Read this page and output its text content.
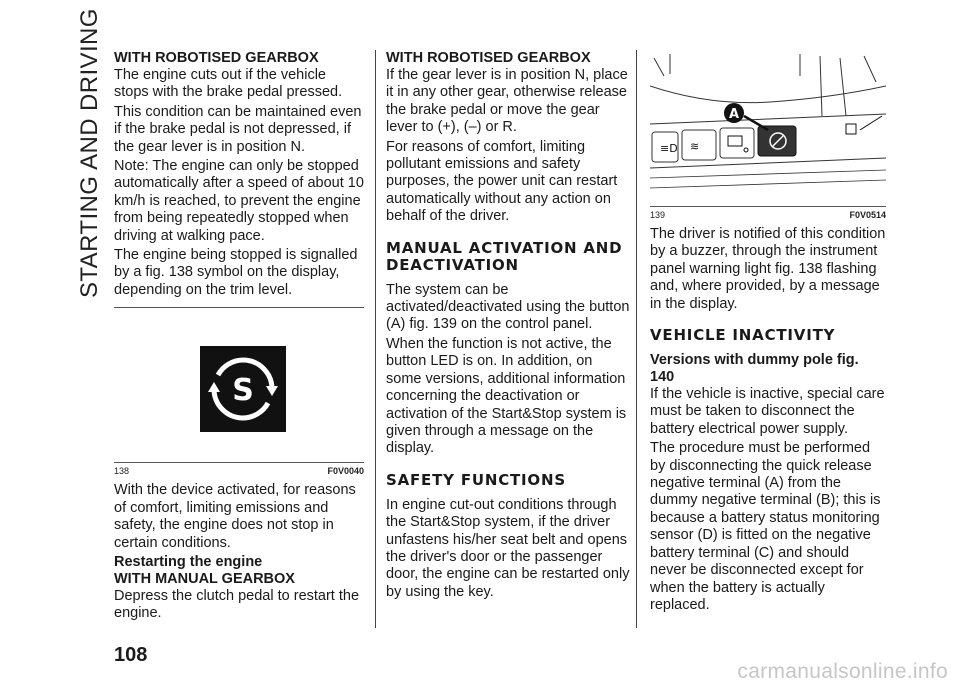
STARTING AND DRIVING WITH ROBOTISED GEARBOX

The engine cuts out if the vehicle stops with the brake pedal pressed.

This condition can be maintained even if the brake pedal is not depressed, if the gear lever is in position N.

Note: The engine can only be stopped automatically after a speed of about 10 km/h is reached, to prevent the engine from being repeatedly stopped when driving at walking pace.

The engine being stopped is signalled by a fig. 138 symbol on the display, depending on the trim level.

S
138	F0V0040

With the device activated, for reasons of comfort, limiting emissions and safety, the engine does not stop in certain conditions.

Restarting the engine
WITH MANUAL GEARBOX

Depress the clutch pedal to restart the engine.

WITH ROBOTISED GEARBOX

If the gear lever is in position N, place it in any other gear, otherwise release the brake pedal or move the gear lever to (+), (–) or R.

For reasons of comfort, limiting pollutant emissions and safety purposes, the power unit can restart automatically without any action on behalf of the driver.

MANUAL ACTIVATION AND DEACTIVATION

The system can be activated/deactivated using the button (A) fig. 139 on the control panel.

When the function is not active, the button LED is on. In addition, on some versions, additional information concerning the deactivation or activation of the Start&Stop system is given through a message on the display.

SAFETY FUNCTIONS

In engine cut-out conditions through the Start&Stop system, if the driver unfastens his/her seat belt and opens the driver's door or the passenger door, the engine can be restarted only by using the key.

≡D ≋
A
139	F0V0514

The driver is notified of this condition by a buzzer, through the instrument panel warning light fig. 138 flashing and, where provided, by a message in the display.

VEHICLE INACTIVITY
Versions with dummy pole fig. 140

If the vehicle is inactive, special care must be taken to disconnect the battery electrical power supply.

The procedure must be performed by disconnecting the quick release negative terminal (A) from the dummy negative terminal (B); this is because a battery status monitoring sensor (D) is fitted on the negative battery terminal (C) and should never be disconnected except for when the battery is actually replaced.

108
carmanualsonline.info
